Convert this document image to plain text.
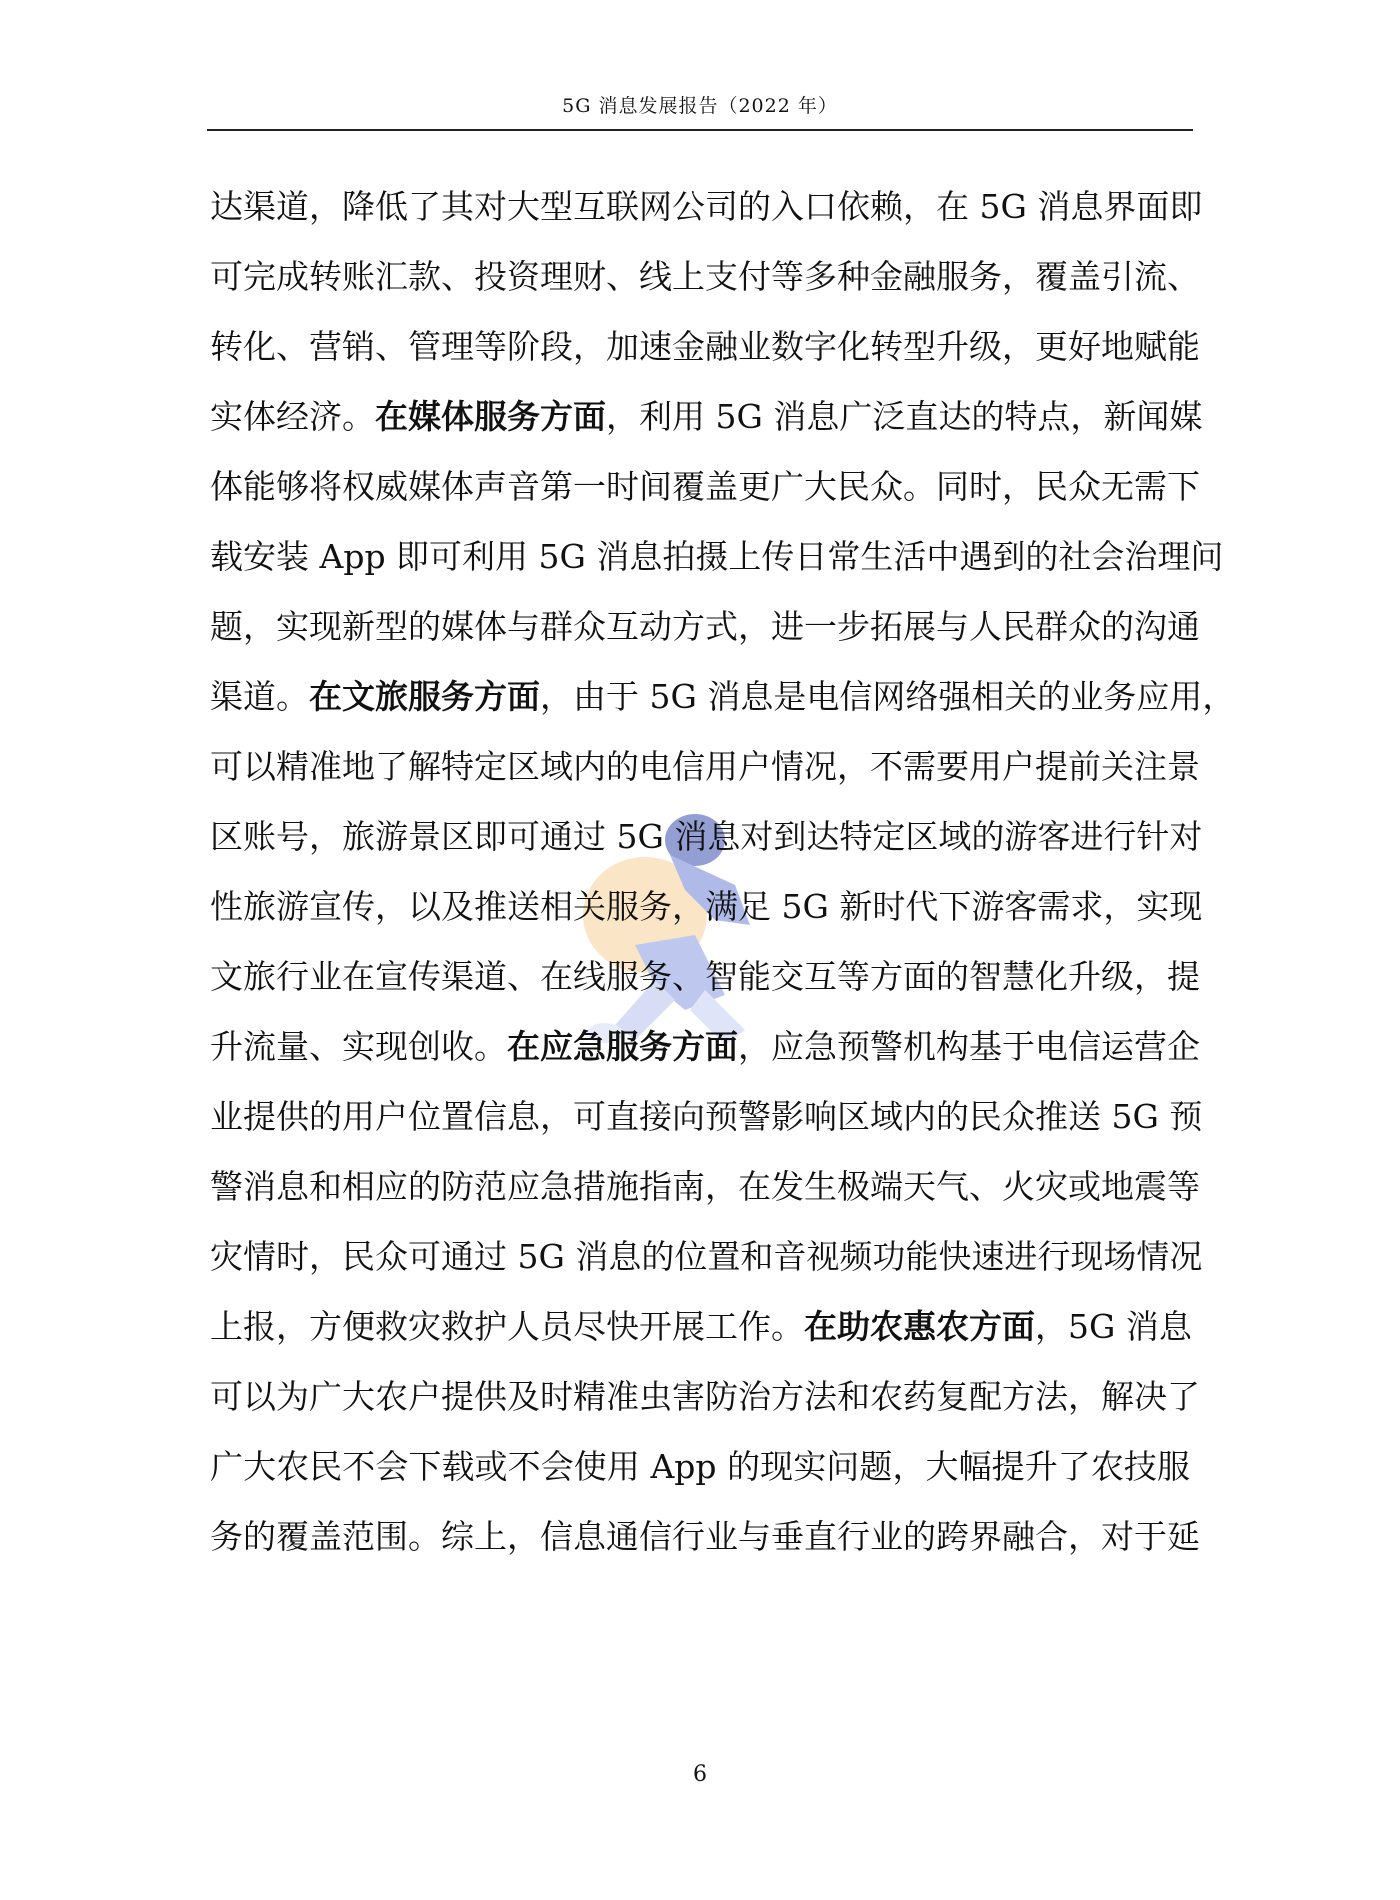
5G 消息发展报告（2022 年）
达渠道，降低了其对大型互联网公司的入口依赖，在 5G 消息界面即
可完成转账汇款、投资理财、线上支付等多种金融服务，覆盖引流、
转化、营销、管理等阶段，加速金融业数字化转型升级，更好地赋能
实体经济。在媒体服务方面，利用 5G 消息广泛直达的特点，新闻媒
体能够将权威媒体声音第一时间覆盖更广大民众。同时，民众无需下
载安装 App 即可利用 5G 消息拍摄上传日常生活中遇到的社会治理问
题，实现新型的媒体与群众互动方式，进一步拓展与人民群众的沟通
渠道。在文旅服务方面，由于 5G 消息是电信网络强相关的业务应用，
可以精准地了解特定区域内的电信用户情况，不需要用户提前关注景
区账号，旅游景区即可通过 5G 消息对到达特定区域的游客进行针对
性旅游宣传，以及推送相关服务，满足 5G 新时代下游客需求，实现
文旅行业在宣传渠道、在线服务、智能交互等方面的智慧化升级，提
升流量、实现创收。在应急服务方面，应急预警机构基于电信运营企
业提供的用户位置信息，可直接向预警影响区域内的民众推送 5G 预
警消息和相应的防范应急措施指南，在发生极端天气、火灾或地震等
灾情时，民众可通过 5G 消息的位置和音视频功能快速进行现场情况
上报，方便救灾救护人员尽快开展工作。在助农惠农方面，5G 消息
可以为广大农户提供及时精准虫害防治方法和农药复配方法，解决了
广大农民不会下载或不会使用 App 的现实问题，大幅提升了农技服
务的覆盖范围。综上，信息通信行业与垂直行业的跨界融合，对于延
6
